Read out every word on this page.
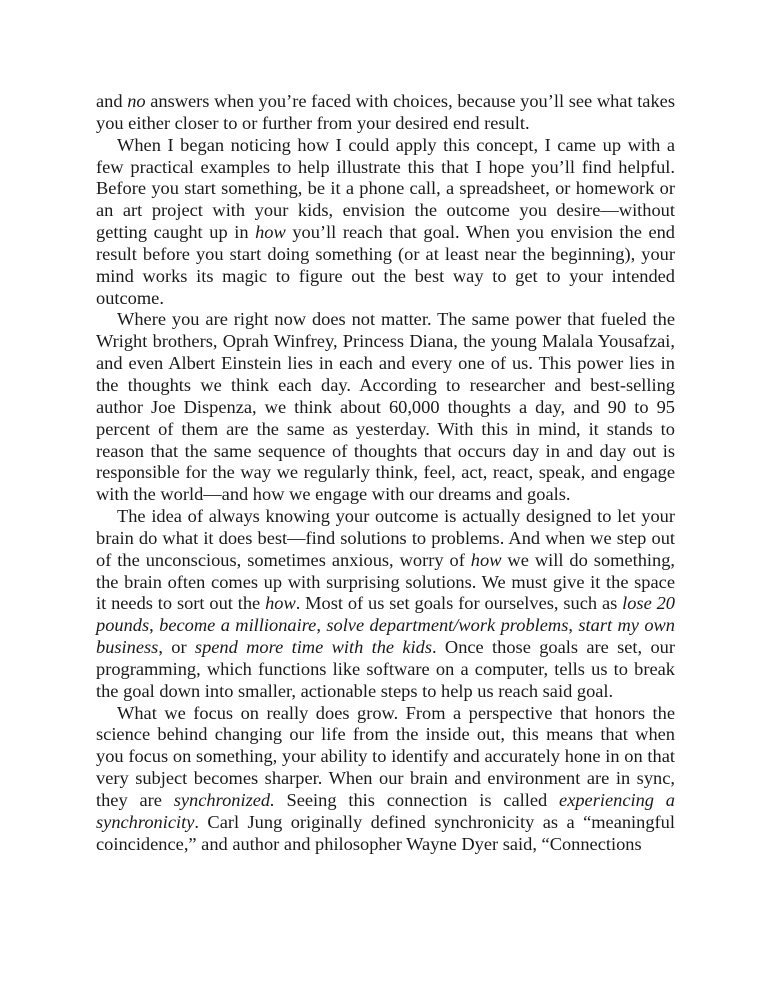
and no answers when you’re faced with choices, because you’ll see what takes you either closer to or further from your desired end result.

When I began noticing how I could apply this concept, I came up with a few practical examples to help illustrate this that I hope you’ll find helpful. Before you start something, be it a phone call, a spreadsheet, or homework or an art project with your kids, envision the outcome you desire—without getting caught up in how you’ll reach that goal. When you envision the end result before you start doing something (or at least near the beginning), your mind works its magic to figure out the best way to get to your intended outcome.

Where you are right now does not matter. The same power that fueled the Wright brothers, Oprah Winfrey, Princess Diana, the young Malala Yousafzai, and even Albert Einstein lies in each and every one of us. This power lies in the thoughts we think each day. According to researcher and best-selling author Joe Dispenza, we think about 60,000 thoughts a day, and 90 to 95 percent of them are the same as yesterday. With this in mind, it stands to reason that the same sequence of thoughts that occurs day in and day out is responsible for the way we regularly think, feel, act, react, speak, and engage with the world—and how we engage with our dreams and goals.

The idea of always knowing your outcome is actually designed to let your brain do what it does best—find solutions to problems. And when we step out of the unconscious, sometimes anxious, worry of how we will do something, the brain often comes up with surprising solutions. We must give it the space it needs to sort out the how. Most of us set goals for ourselves, such as lose 20 pounds, become a millionaire, solve department/work problems, start my own business, or spend more time with the kids. Once those goals are set, our programming, which functions like software on a computer, tells us to break the goal down into smaller, actionable steps to help us reach said goal.

What we focus on really does grow. From a perspective that honors the science behind changing our life from the inside out, this means that when you focus on something, your ability to identify and accurately hone in on that very subject becomes sharper. When our brain and environment are in sync, they are synchronized. Seeing this connection is called experiencing a synchronicity. Carl Jung originally defined synchronicity as a “meaningful coincidence,” and author and philosopher Wayne Dyer said, “Connections
